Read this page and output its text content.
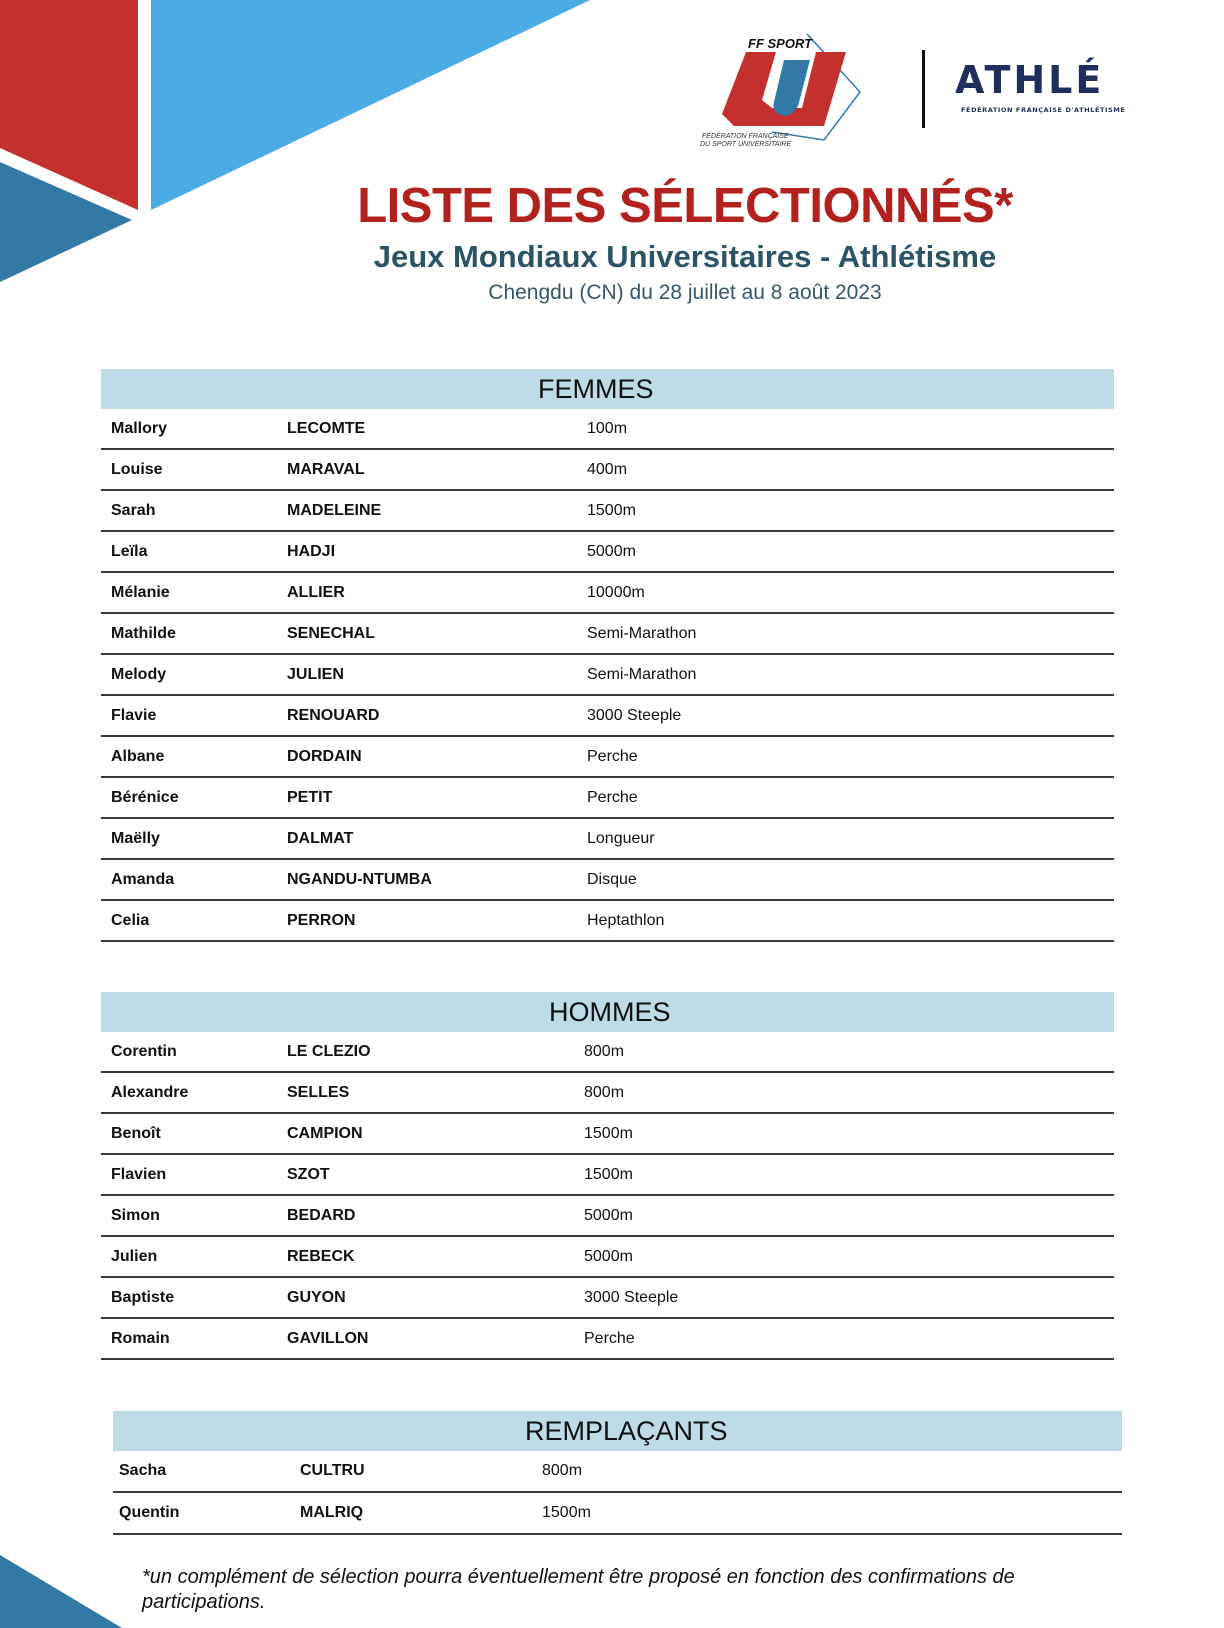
FF SPORT
FÉDÉRATION FRANÇAISE
DU SPORT UNIVERSITAIRE
ATHLÉ
FÉDÉRATION FRANÇAISE D'ATHLÉTISME
LISTE DES SÉLECTIONNÉS*
Jeux Mondiaux Universitaires - Athlétisme
Chengdu (CN) du 28 juillet au 8 août 2023
FEMMES
Mallory	LECOMTE	100m
Louise	MARAVAL	400m
Sarah	MADELEINE	1500m
Leïla	HADJI	5000m
Mélanie	ALLIER	10000m
Mathilde	SENECHAL	Semi-Marathon
Melody	JULIEN	Semi-Marathon
Flavie	RENOUARD	3000 Steeple
Albane	DORDAIN	Perche
Bérénice	PETIT	Perche
Maëlly	DALMAT	Longueur
Amanda	NGANDU-NTUMBA	Disque
Celia	PERRON	Heptathlon
HOMMES
Corentin	LE CLEZIO	800m
Alexandre	SELLES	800m
Benoît	CAMPION	1500m
Flavien	SZOT	1500m
Simon	BEDARD	5000m
Julien	REBECK	5000m
Baptiste	GUYON	3000 Steeple
Romain	GAVILLON	Perche
REMPLAÇANTS
Sacha	CULTRU	800m
Quentin	MALRIQ	1500m
*un complément de sélection pourra éventuellement être proposé en fonction des confirmations de participations.
